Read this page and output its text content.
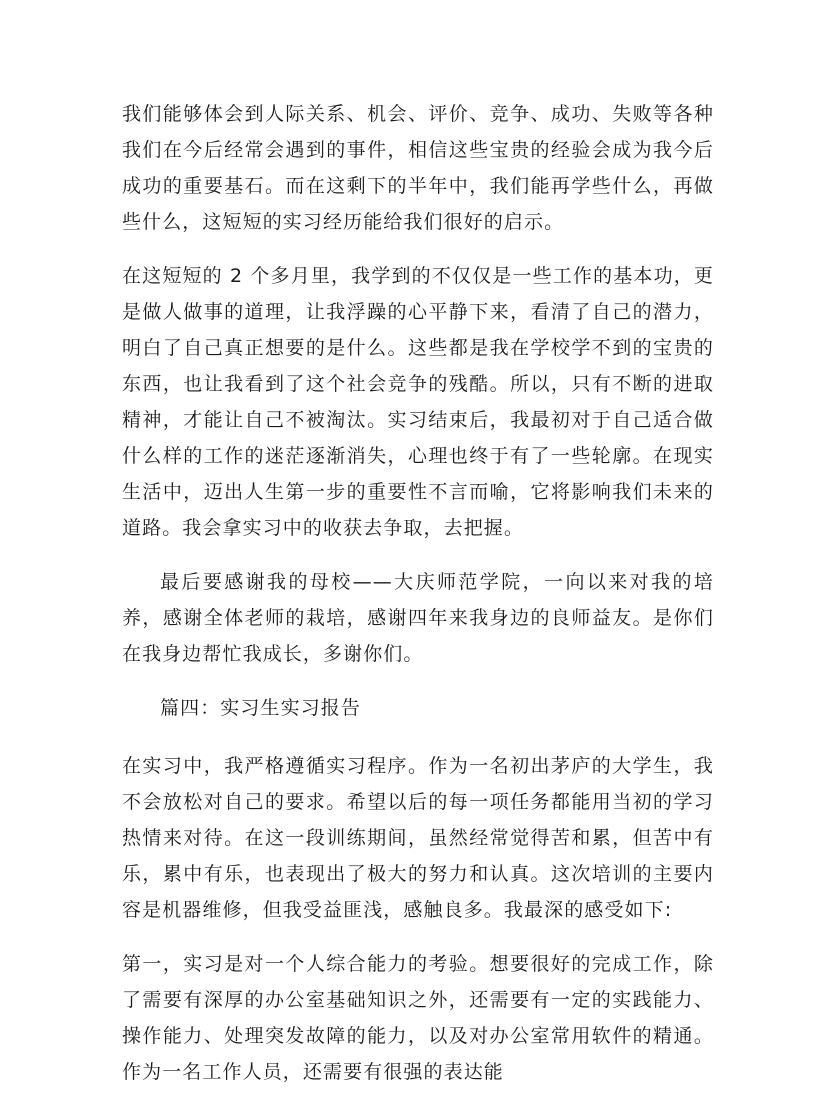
我们能够体会到人际关系、机会、评价、竞争、成功、失败等各种我们在今后经常会遇到的事件，相信这些宝贵的经验会成为我今后成功的重要基石。而在这剩下的半年中，我们能再学些什么，再做些什么，这短短的实习经历能给我们很好的启示。

在这短短的 2 个多月里，我学到的不仅仅是一些工作的基本功，更是做人做事的道理，让我浮躁的心平静下来，看清了自己的潜力，明白了自己真正想要的是什么。这些都是我在学校学不到的宝贵的东西，也让我看到了这个社会竞争的残酷。所以，只有不断的进取精神，才能让自己不被淘汰。实习结束后，我最初对于自己适合做什么样的工作的迷茫逐渐消失，心理也终于有了一些轮廓。在现实生活中，迈出人生第一步的重要性不言而喻，它将影响我们未来的道路。我会拿实习中的收获去争取，去把握。

最后要感谢我的母校——大庆师范学院，一向以来对我的培养，感谢全体老师的栽培，感谢四年来我身边的良师益友。是你们在我身边帮忙我成长，多谢你们。

篇四：实习生实习报告

在实习中，我严格遵循实习程序。作为一名初出茅庐的大学生，我不会放松对自己的要求。希望以后的每一项任务都能用当初的学习热情来对待。在这一段训练期间，虽然经常觉得苦和累，但苦中有乐，累中有乐，也表现出了极大的努力和认真。这次培训的主要内容是机器维修，但我受益匪浅，感触良多。我最深的感受如下:

第一，实习是对一个人综合能力的考验。想要很好的完成工作，除了需要有深厚的办公室基础知识之外，还需要有一定的实践能力、操作能力、处理突发故障的能力，以及对办公室常用软件的精通。作为一名工作人员，还需要有很强的表达能
